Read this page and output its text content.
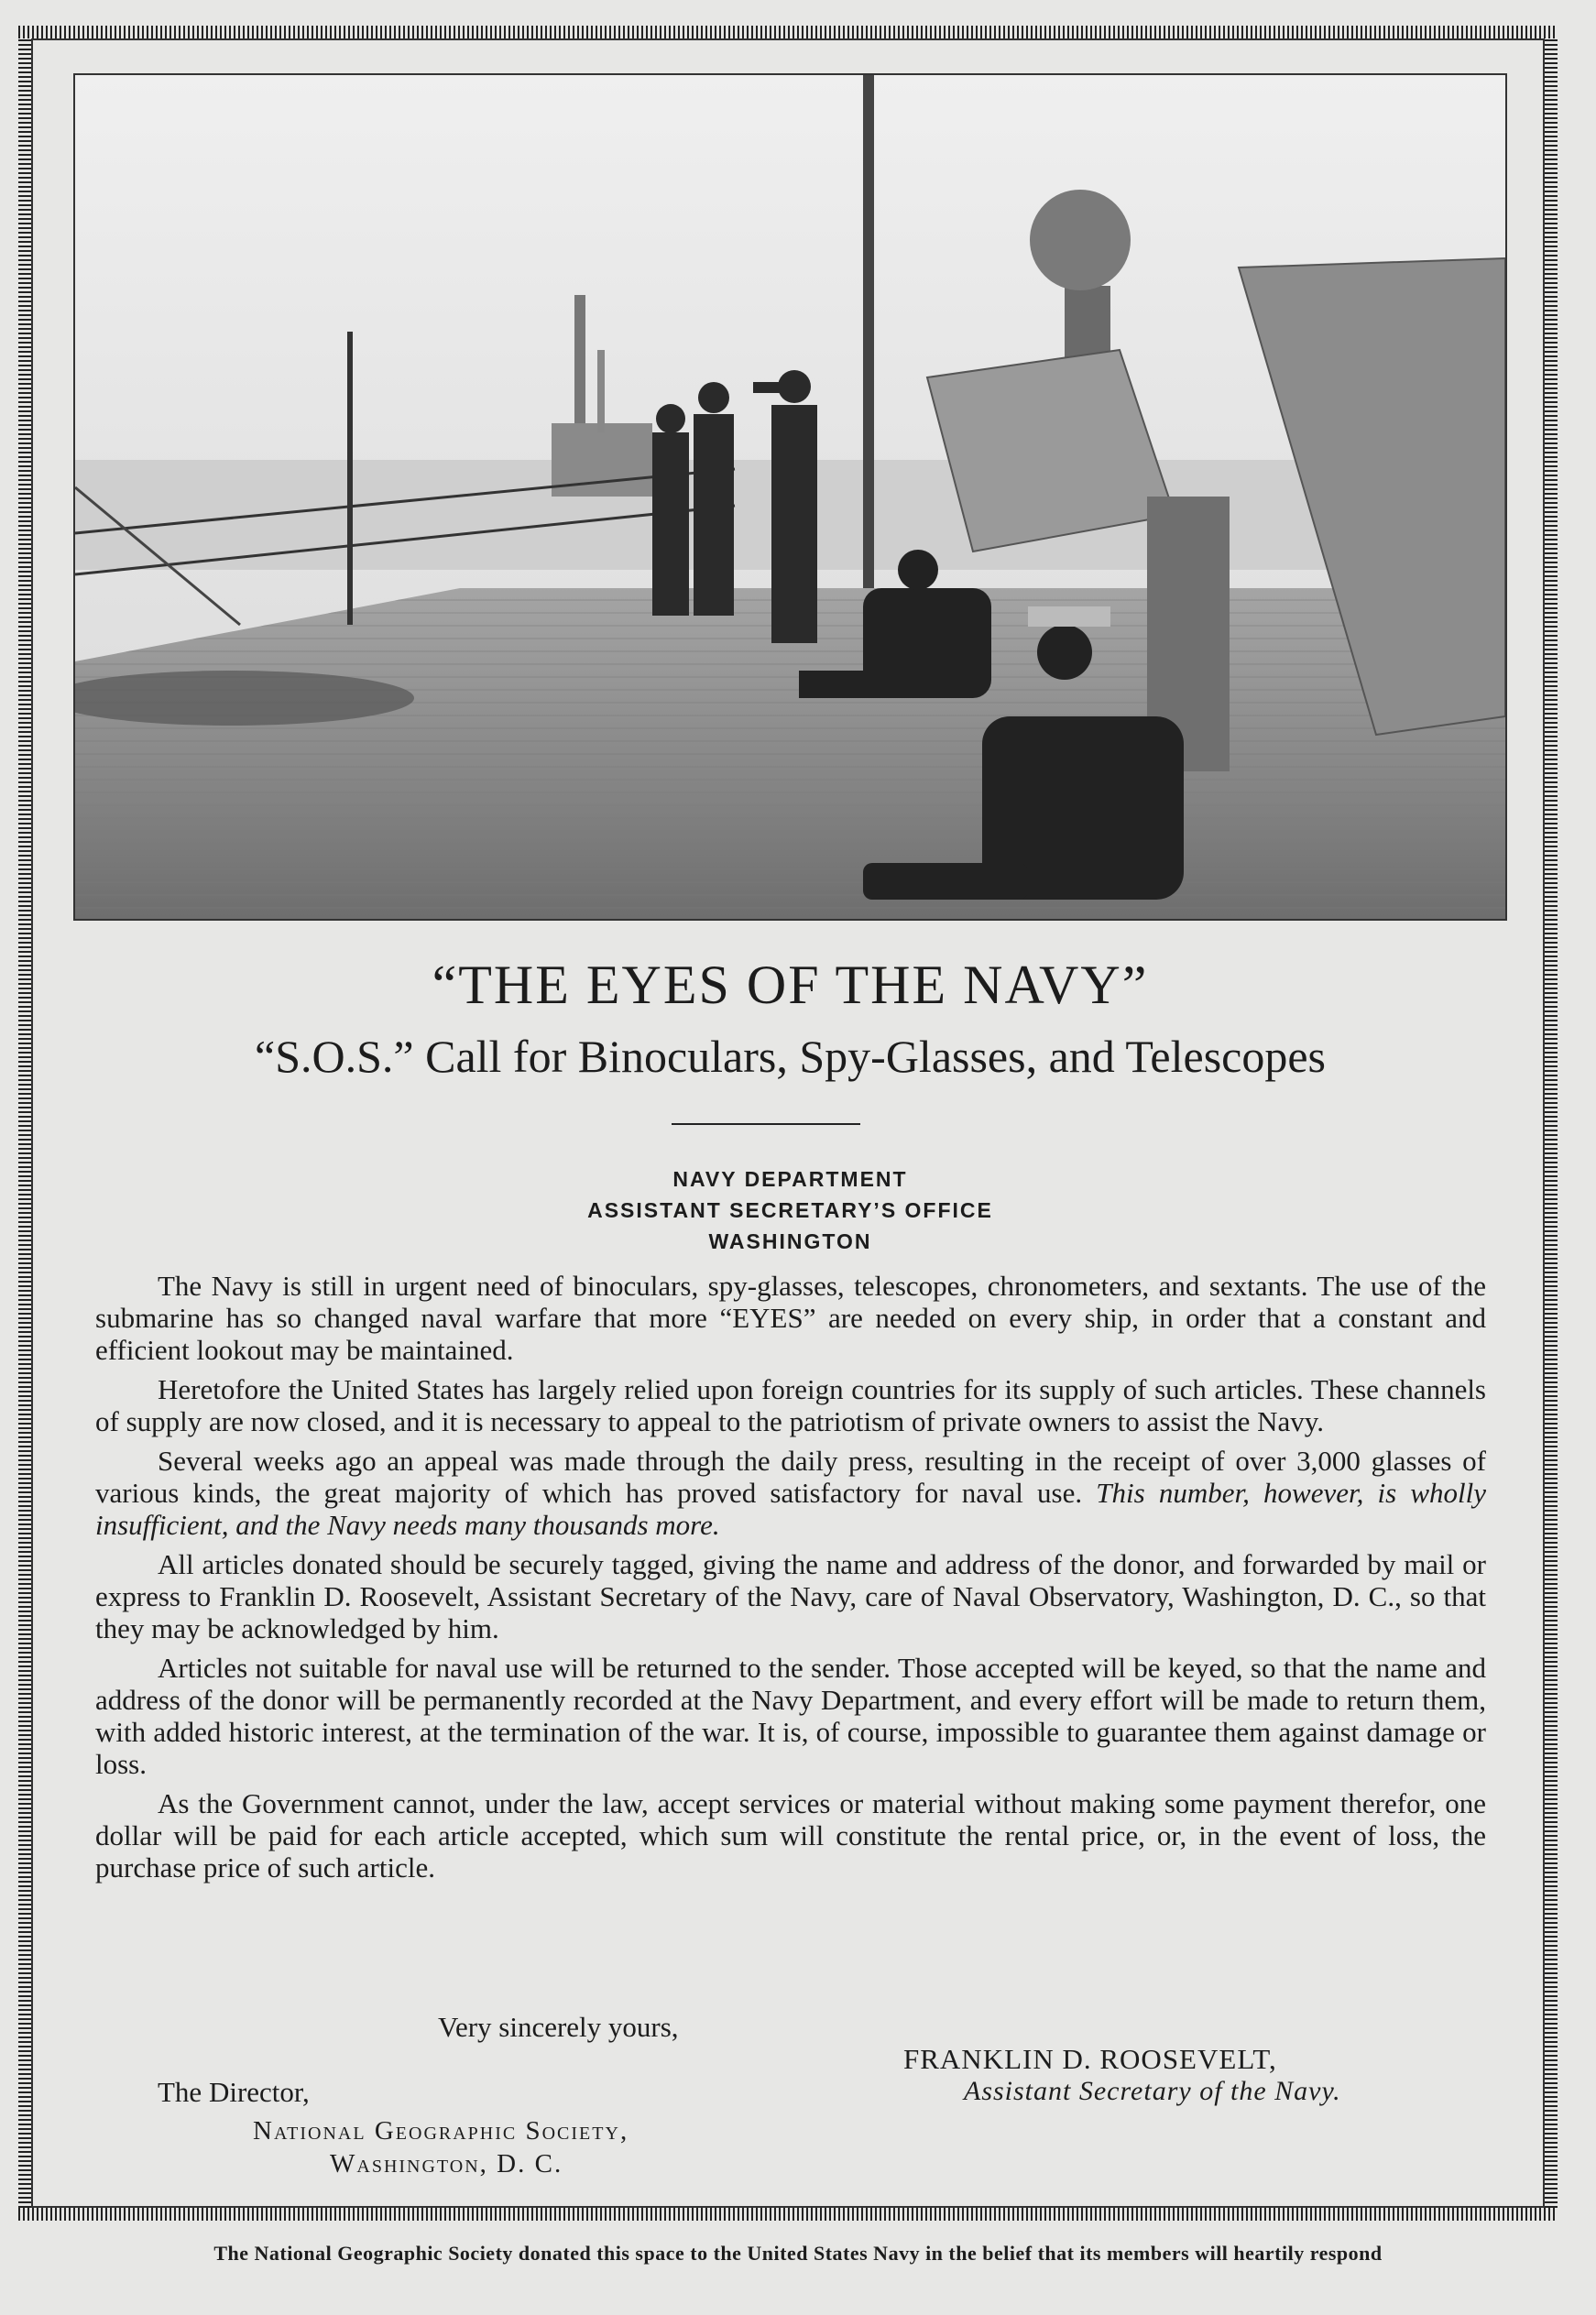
“THE EYES OF THE NAVY”
“S.O.S.” Call for Binoculars, Spy-Glasses, and Telescopes
NAVY DEPARTMENT
ASSISTANT SECRETARY’S OFFICE
WASHINGTON

The Navy is still in urgent need of binoculars, spy-glasses, telescopes, chronometers, and sextants. The use of the submarine has so changed naval warfare that more “EYES” are needed on every ship, in order that a constant and efficient lookout may be maintained.

Heretofore the United States has largely relied upon foreign countries for its supply of such articles. These channels of supply are now closed, and it is necessary to appeal to the patriotism of private owners to assist the Navy.

Several weeks ago an appeal was made through the daily press, resulting in the receipt of over 3,000 glasses of various kinds, the great majority of which has proved satisfactory for naval use. This number, however, is wholly insufficient, and the Navy needs many thousands more.

All articles donated should be securely tagged, giving the name and address of the donor, and forwarded by mail or express to Franklin D. Roosevelt, Assistant Secretary of the Navy, care of Naval Observatory, Washington, D. C., so that they may be acknowledged by him.

Articles not suitable for naval use will be returned to the sender. Those accepted will be keyed, so that the name and address of the donor will be permanently recorded at the Navy Department, and every effort will be made to return them, with added historic interest, at the termination of the war. It is, of course, impossible to guarantee them against damage or loss.

As the Government cannot, under the law, accept services or material without making some payment therefor, one dollar will be paid for each article accepted, which sum will constitute the rental price, or, in the event of loss, the purchase price of such article.

Very sincerely yours,
FRANKLIN D. ROOSEVELT,
Assistant Secretary of the Navy.
The Director,
National Geographic Society,
Washington, D. C.
The National Geographic Society donated this space to the United States Navy in the belief that its members will heartily respond
